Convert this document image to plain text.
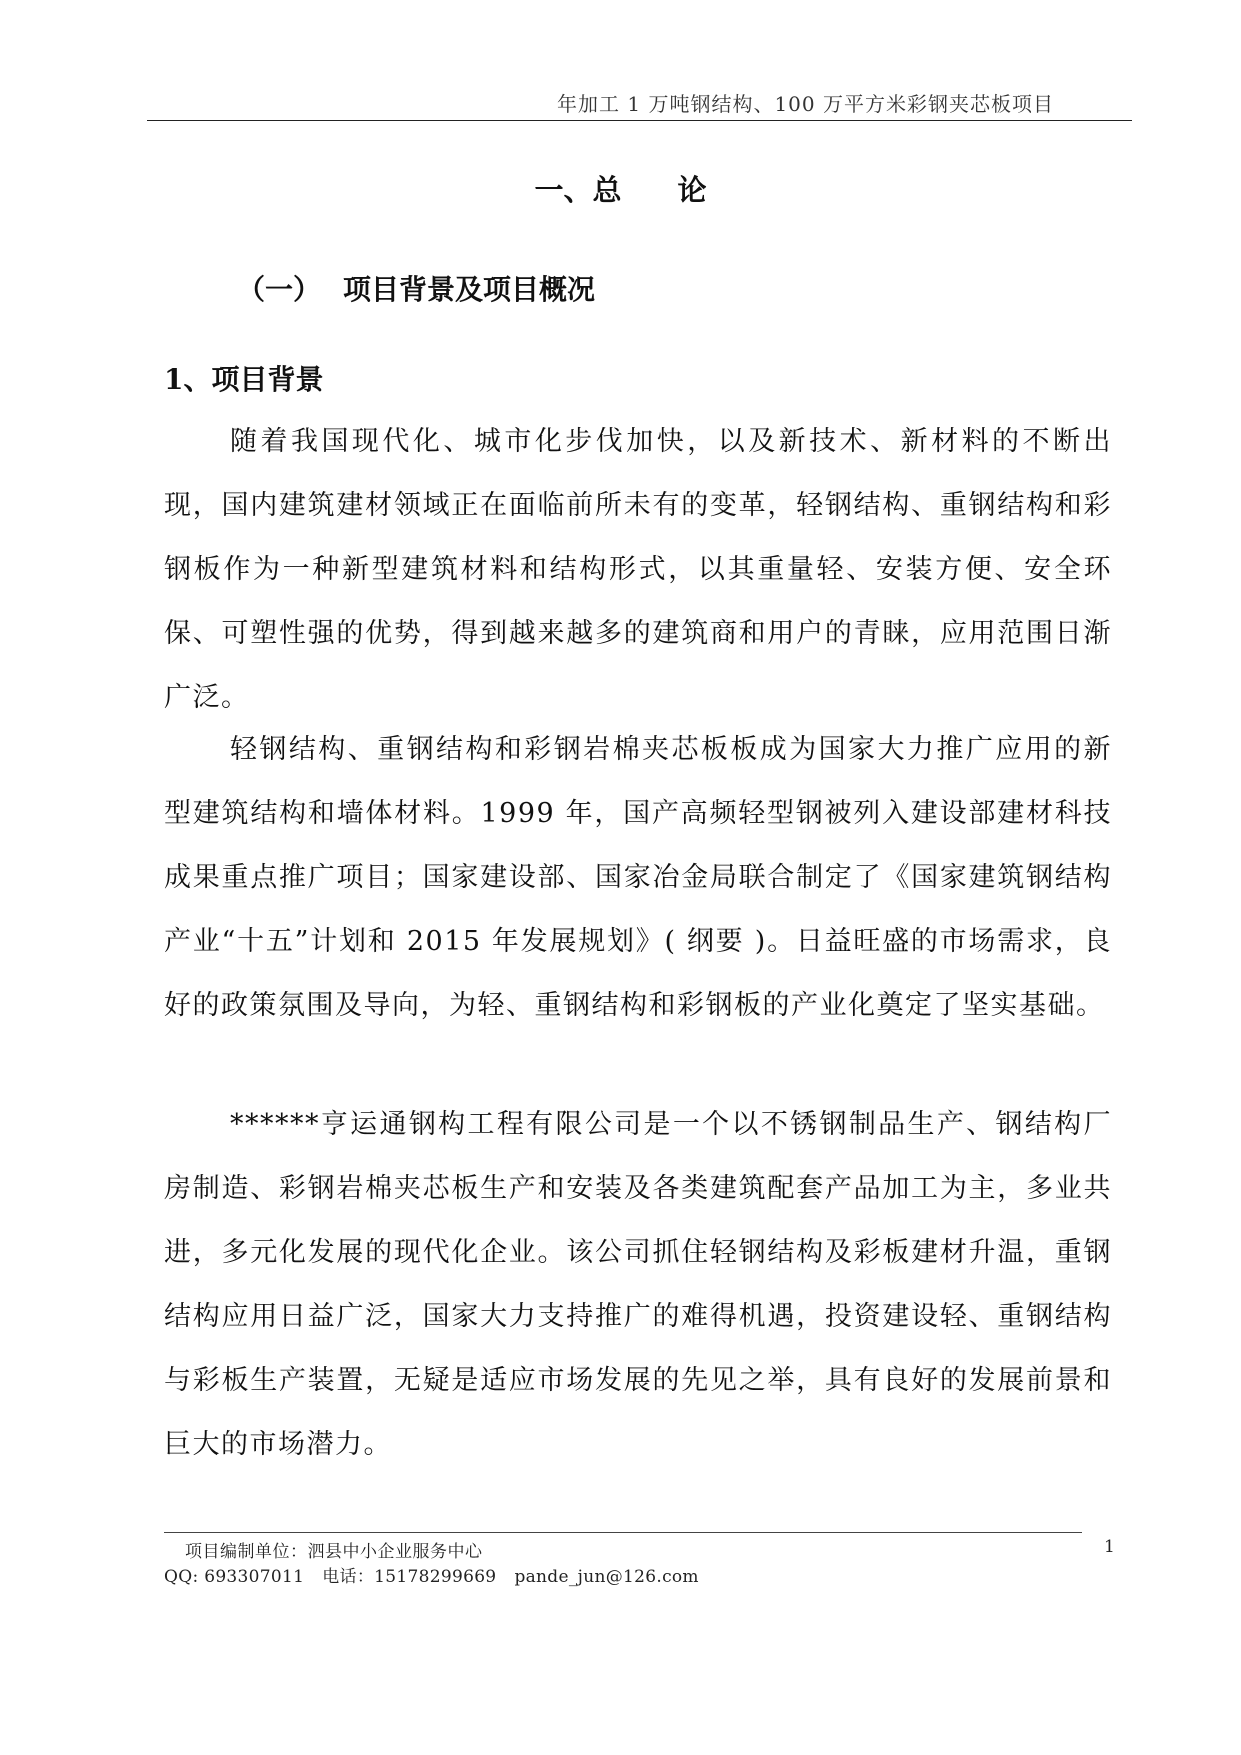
年加工 1 万吨钢结构、100 万平方米彩钢夹芯板项目
一、总 论
（一） 项目背景及项目概况
1、项目背景

随着我国现代化、城市化步伐加快，以及新技术、新材料的不断出现，国内建筑建材领域正在面临前所未有的变革，轻钢结构、重钢结构和彩钢板作为一种新型建筑材料和结构形式，以其重量轻、安装方便、安全环保、可塑性强的优势，得到越来越多的建筑商和用户的青睐，应用范围日渐广泛。

轻钢结构、重钢结构和彩钢岩棉夹芯板板成为国家大力推广应用的新型建筑结构和墙体材料。1999 年，国产高频轻型钢被列入建设部建材科技成果重点推广项目；国家建设部、国家冶金局联合制定了《国家建筑钢结构产业“十五”计划和 2015 年发展规划》( 纲要 )。日益旺盛的市场需求，良好的政策氛围及导向，为轻、重钢结构和彩钢板的产业化奠定了坚实基础。

******亨运通钢构工程有限公司是一个以不锈钢制品生产、钢结构厂房制造、彩钢岩棉夹芯板生产和安装及各类建筑配套产品加工为主，多业共进，多元化发展的现代化企业。该公司抓住轻钢结构及彩板建材升温，重钢结构应用日益广泛，国家大力支持推广的难得机遇，投资建设轻、重钢结构与彩板生产装置，无疑是适应市场发展的先见之举，具有良好的发展前景和巨大的市场潜力。

项目编制单位：泗县中小企业服务中心	1
QQ: 693307011 电话：15178299669 pande_jun@126.com
